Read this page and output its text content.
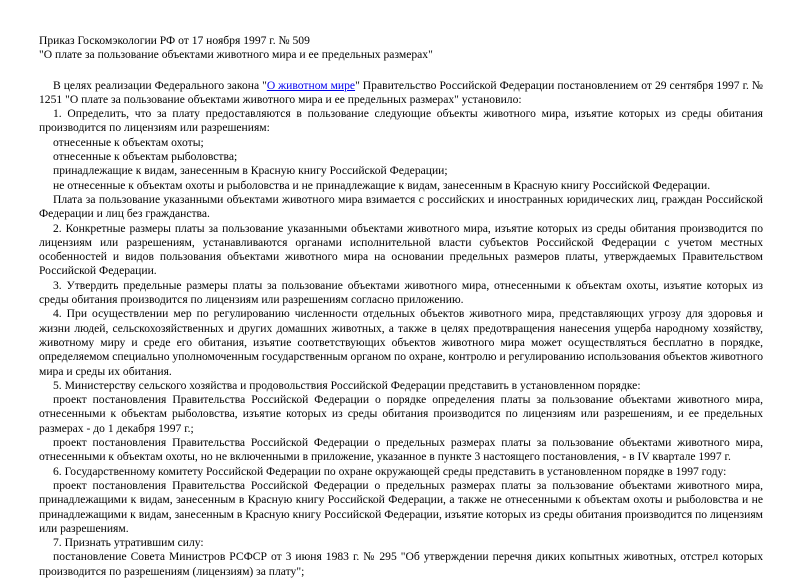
Приказ Госкомэкологии РФ от 17 ноября 1997 г. № 509

"О плате за пользование объектами животного мира и ее предельных размерах"

В целях реализации Федерального закона "О животном мире" Правительство Российской Федерации постановлением от 29 сентября 1997 г. № 1251 "О плате за пользование объектами животного мира и ее предельных размерах" установило:

1. Определить, что за плату предоставляются в пользование следующие объекты животного мира, изъятие которых из среды обитания производится по лицензиям или разрешениям:

отнесенные к объектам охоты;

отнесенные к объектам рыболовства;

принадлежащие к видам, занесенным в Красную книгу Российской Федерации;

не отнесенные к объектам охоты и рыболовства и не принадлежащие к видам, занесенным в Красную книгу Российской Федерации.

Плата за пользование указанными объектами животного мира взимается с российских и иностранных юридических лиц, граждан Российской Федерации и лиц без гражданства.

2. Конкретные размеры платы за пользование указанными объектами животного мира, изъятие которых из среды обитания производится по лицензиям или разрешениям, устанавливаются органами исполнительной власти субъектов Российской Федерации с учетом местных особенностей и видов пользования объектами животного мира на основании предельных размеров платы, утверждаемых Правительством Российской Федерации.

3. Утвердить предельные размеры платы за пользование объектами животного мира, отнесенными к объектам охоты, изъятие которых из среды обитания производится по лицензиям или разрешениям согласно приложению.

4. При осуществлении мер по регулированию численности отдельных объектов животного мира, представляющих угрозу для здоровья и жизни людей, сельскохозяйственных и других домашних животных, а также в целях предотвращения нанесения ущерба народному хозяйству, животному миру и среде его обитания, изъятие соответствующих объектов животного мира может осуществляться бесплатно в порядке, определяемом специально уполномоченным государственным органом по охране, контролю и регулированию использования объектов животного мира и среды их обитания.

5. Министерству сельского хозяйства и продовольствия Российской Федерации представить в установленном порядке:

проект постановления Правительства Российской Федерации о порядке определения платы за пользование объектами животного мира, отнесенными к объектам рыболовства, изъятие которых из среды обитания производится по лицензиям или разрешениям, и ее предельных размерах - до 1 декабря 1997 г.;

проект постановления Правительства Российской Федерации о предельных размерах платы за пользование объектами животного мира, отнесенными к объектам охоты, но не включенными в приложение, указанное в пункте 3 настоящего постановления, - в IV квартале 1997 г.

6. Государственному комитету Российской Федерации по охране окружающей среды представить в установленном порядке в 1997 году:

проект постановления Правительства Российской Федерации о предельных размерах платы за пользование объектами животного мира, принадлежащими к видам, занесенным в Красную книгу Российской Федерации, а также не отнесенными к объектам охоты и рыболовства и не принадлежащими к видам, занесенным в Красную книгу Российской Федерации, изъятие которых из среды обитания производится по лицензиям или разрешениям.

7. Признать утратившим силу:

постановление Совета Министров РСФСР от 3 июня 1983 г. № 295 "Об утверждении перечня диких копытных животных, отстрел которых производится по разрешениям (лицензиям) за плату";
